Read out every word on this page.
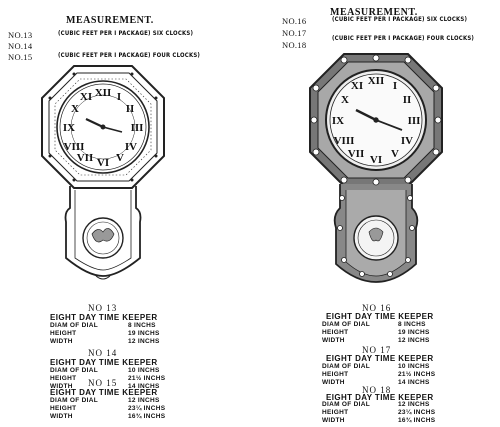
MEASUREMENT.
NO.13
NO.14
NO.15
(CUBIC FEET PER I PACKAGE) SIX CLOCKS)
(CUBIC FEET PER I PACKAGE) FOUR CLOCKS)
MEASUREMENT.
NO.16
NO.17
NO.18
(CUBIC FEET PER I PACKAGE) SIX CLOCKS)
(CUBIC FEET PER I PACKAGE) FOUR CLOCKS)
XII I
II
III
IV
V
VI
VII
VIII
IX
X
XI
XII I
II
III
IV
V
VI
VII
VIII
IX
X
XI
NO 13
EIGHT DAY TIME KEEPER
DIAM OF DIAL	8 INCHS
HEIGHT	19 INCHS
WIDTH	12 INCHS
NO 14
EIGHT DAY TIME KEEPER
DIAM OF DIAL	10 INCHS
HEIGHT	21½ INCHS
WIDTH	14 INCHS
NO 15
EIGHT DAY TIME KEEPER
DIAM OF DIAL	12 INCHS
HEIGHT	23¼ INCHS
WIDTH	16¾ INCHS
NO 16
EIGHT DAY TIME KEEPER
DIAM OF DIAL	8 INCHS
HEIGHT	19 INCHS
WIDTH	12 INCHS
NO 17
EIGHT DAY TIME KEEPER
DIAM OF DIAL	10 INCHS
HEIGHT	21½ INCHS
WIDTH	14 INCHS
NO 18
EIGHT DAY TIME KEEPER
DIAM OF DIAL	12 INCHS
HEIGHT	23¼ INCHS
WIDTH	16¾ INCHS
